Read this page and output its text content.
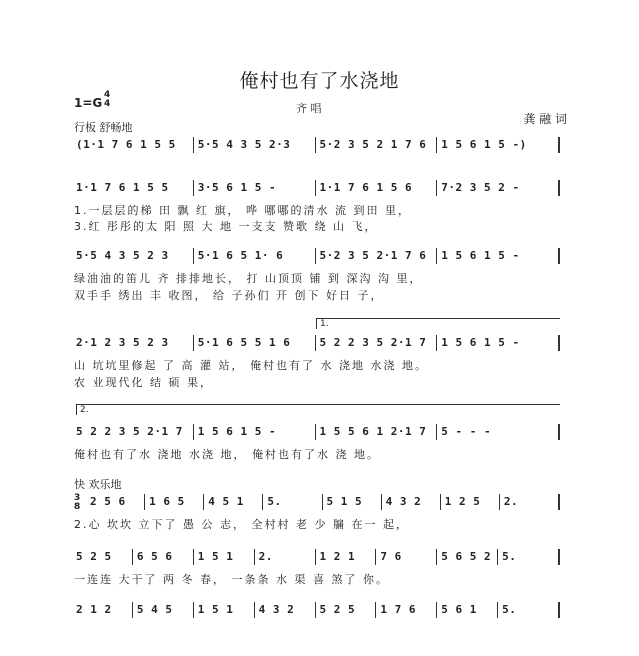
俺村也有了水浇地
齐 唱
龚 融 词
1=G
4
4
行板 舒畅地
(1·1 7 6 1 5 5	5·5 4 3 5 2·3	5·2 3 5 2 1 7 6	1 5 6 1 5 -)
1·1 7 6 1 5 5	3·5 6 1 5 -	1·1 7 6 1 5 6	7·2 3 5 2 -
1.一层层的梯 田 飘 红 旗， 哗 哪哪的清水 流 到田 里，
3.红 彤彤的太 阳 照 大 地 一支支 赞歌 绕 山 飞，
5·5 4 3 5 2 3	5·1 6 5 1· 6	5·2 3 5 2·1 7 6	1 5 6 1 5 -
绿油油的笛儿 齐 排排地长， 打 山顶顶 铺 到 深沟 沟 里，
双手手 绣出 丰 收图， 给 子孙们 开 创下 好日 子，
1.
2·1 2 3 5 2 3	5·1 6 5 5 1 6	5 2 2 3 5 2·1 7	1 5 6 1 5 -
山 坑坑里修起 了 高 灌 站， 俺村也有了 水 浇地 水浇 地。
农 业现代化 结 硕 果，
2.
5 2 2 3 5 2·1 7	1 5 6 1 5 -	1 5 5 6 1 2·1 7	5 - - -
俺村也有了水 浇地 水浇 地， 俺村也有了水 浇 地。
快 欢乐地
3
8 2 5 6	1 6 5	4 5 1	5.	5 1 5	4 3 2	1 2 5	2.
2.心 坎坎 立下了 愚 公 志， 全村村 老 少 牖 在一 起，
5 2 5	6 5 6	1 5 1	2.	1 2 1	7 6	5 6 5 2	5.
一连连 大干了 两 冬 春， 一条条 水 渠 喜 煞了 你。
2 1 2	5 4 5	1 5 1	4 3 2	5 2 5	1 7 6	5 6 1	5.
